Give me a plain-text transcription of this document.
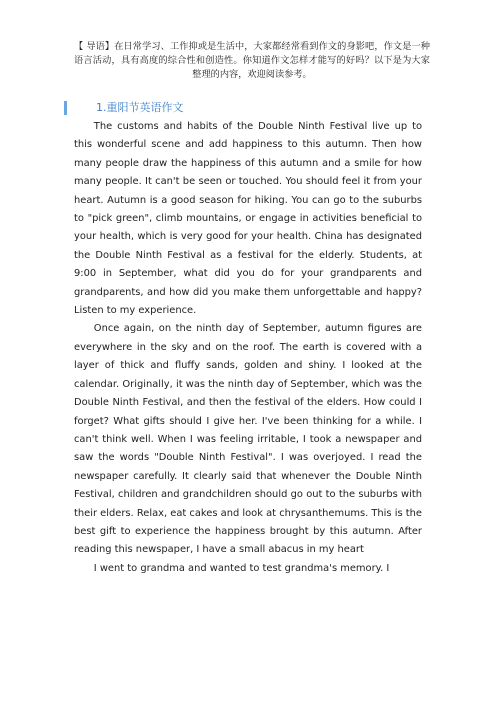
【 导语】在日常学习、工作抑或是生活中，大家都经常看到作文的身影吧，作文是一种语言活动，具有高度的综合性和创造性。你知道作文怎样才能写的好吗？以下是为大家整理的内容，欢迎阅读参考。
1.重阳节英语作文

The customs and habits of the Double Ninth Festival live up to this wonderful scene and add happiness to this autumn. Then how many people draw the happiness of this autumn and a smile for how many people. It can't be seen or touched. You should feel it from your heart. Autumn is a good season for hiking. You can go to the suburbs to "pick green", climb mountains, or engage in activities beneficial to your health, which is very good for your health. China has designated the Double Ninth Festival as a festival for the elderly. Students, at 9:00 in September, what did you do for your grandparents and grandparents, and how did you make them unforgettable and happy? Listen to my experience.

Once again, on the ninth day of September, autumn figures are everywhere in the sky and on the roof. The earth is covered with a layer of thick and fluffy sands, golden and shiny. I looked at the calendar. Originally, it was the ninth day of September, which was the Double Ninth Festival, and then the festival of the elders. How could I forget? What gifts should I give her. I've been thinking for a while. I can't think well. When I was feeling irritable, I took a newspaper and saw the words "Double Ninth Festival". I was overjoyed. I read the newspaper carefully. It clearly said that whenever the Double Ninth Festival, children and grandchildren should go out to the suburbs with their elders. Relax, eat cakes and look at chrysanthemums. This is the best gift to experience the happiness brought by this autumn. After reading this newspaper, I have a small abacus in my heart

I went to grandma and wanted to test grandma's memory. I
